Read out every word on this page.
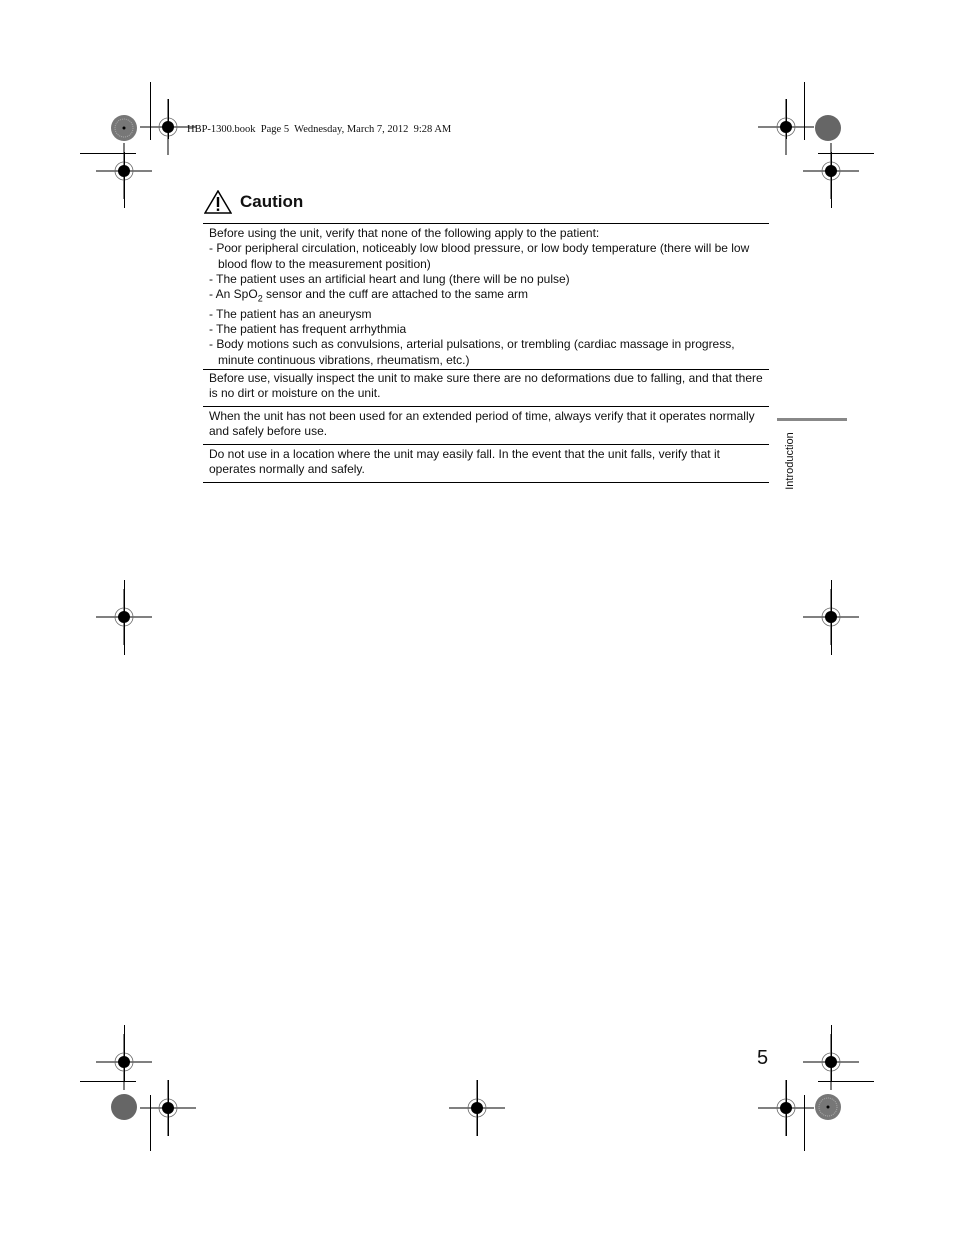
HBP-1300.book  Page 5  Wednesday, March 7, 2012  9:28 AM
Caution
Before using the unit, verify that none of the following apply to the patient:
- Poor peripheral circulation, noticeably low blood pressure, or low body temperature (there will be low blood flow to the measurement position)
- The patient uses an artificial heart and lung (there will be no pulse)
- An SpO$_2$ sensor and the cuff are attached to the same arm
- The patient has an aneurysm
- The patient has frequent arrhythmia
- Body motions such as convulsions, arterial pulsations, or trembling (cardiac massage in progress, minute continuous vibrations, rheumatism, etc.)
Before use, visually inspect the unit to make sure there are no deformations due to falling, and that there is no dirt or moisture on the unit.
When the unit has not been used for an extended period of time, always verify that it operates normally and safely before use.
Do not use in a location where the unit may easily fall. In the event that the unit falls, verify that it operates normally and safely.	Introduction
5
